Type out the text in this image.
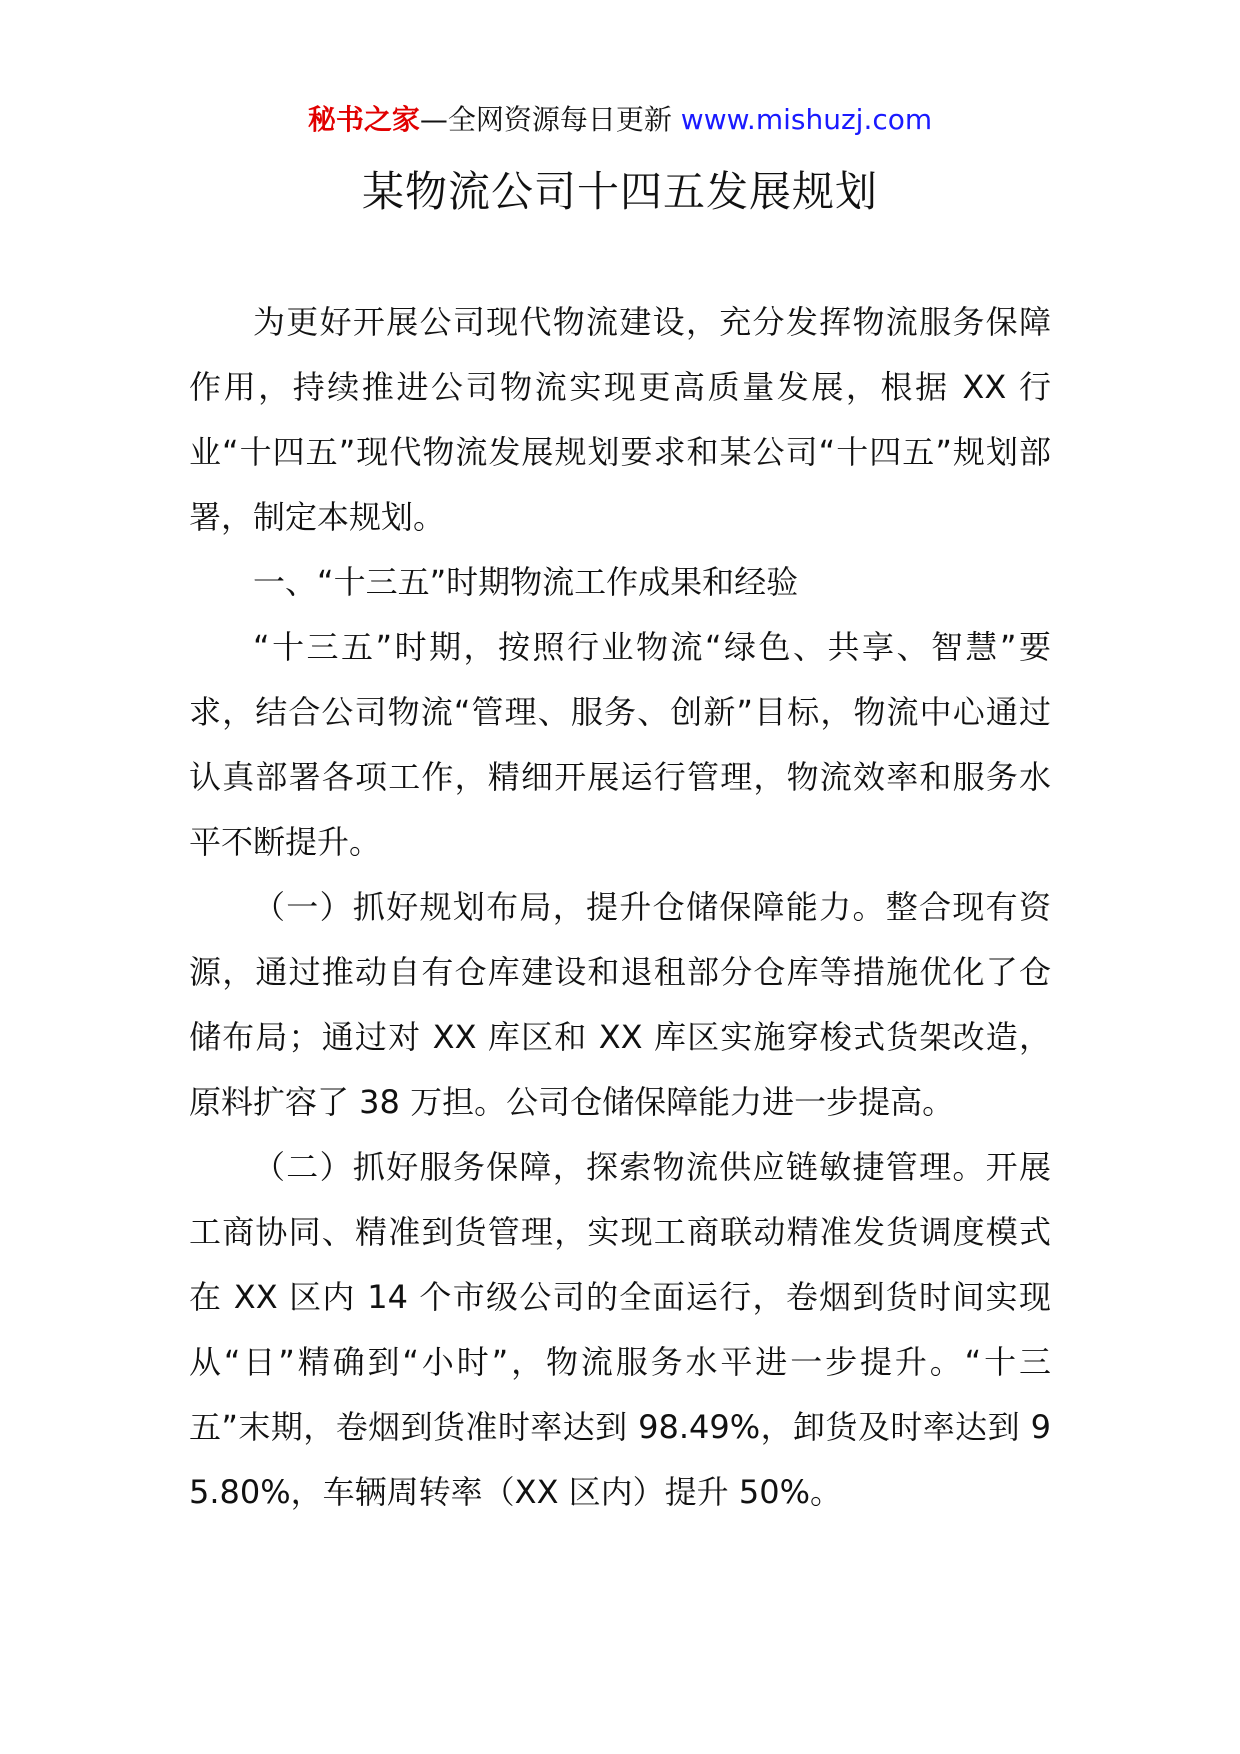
秘书之家—全网资源每日更新 www.mishuzj.com
某物流公司十四五发展规划

为更好开展公司现代物流建设，充分发挥物流服务保障作用，持续推进公司物流实现更高质量发展，根据 XX 行业“十四五”现代物流发展规划要求和某公司“十四五”规划部署，制定本规划。

一、“十三五”时期物流工作成果和经验

“十三五”时期，按照行业物流“绿色、共享、智慧”要求，结合公司物流“管理、服务、创新”目标，物流中心通过认真部署各项工作，精细开展运行管理，物流效率和服务水平不断提升。

（一）抓好规划布局，提升仓储保障能力。整合现有资源，通过推动自有仓库建设和退租部分仓库等措施优化了仓储布局；通过对 XX 库区和 XX 库区实施穿梭式货架改造，原料扩容了 38 万担。公司仓储保障能力进一步提高。

（二）抓好服务保障，探索物流供应链敏捷管理。开展工商协同、精准到货管理，实现工商联动精准发货调度模式在 XX 区内 14 个市级公司的全面运行，卷烟到货时间实现从“日”精确到“小时”，物流服务水平进一步提升。“十三五”末期，卷烟到货准时率达到 98.49%，卸货及时率达到 95.80%，车辆周转率（XX 区内）提升 50%。
